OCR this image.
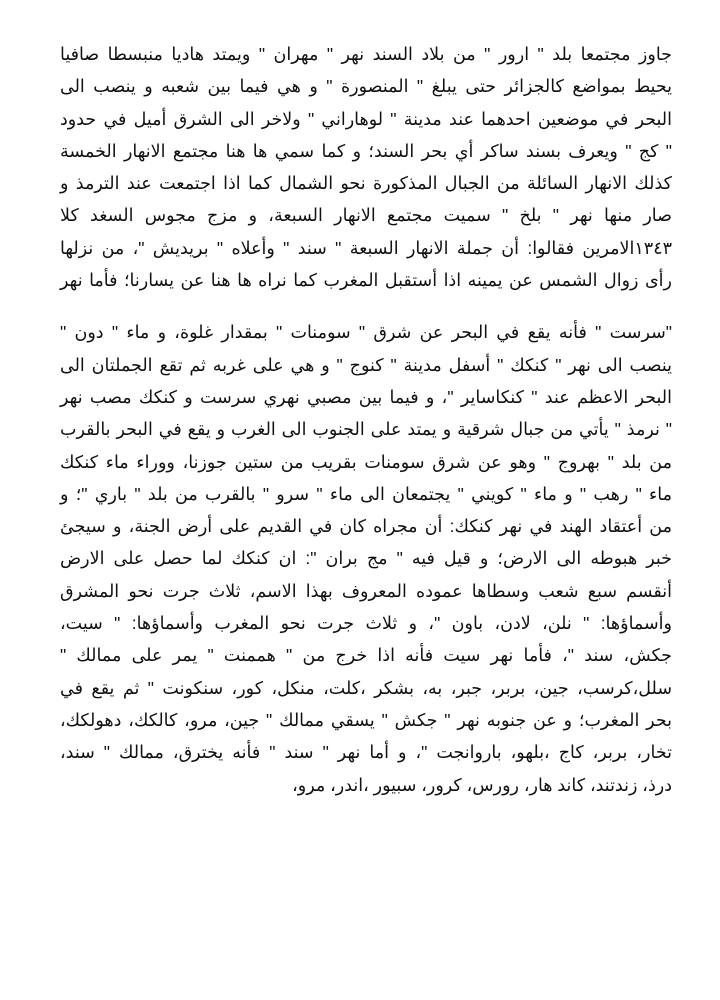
جاوز مجتمعا بلد " ارور " من بلاد السند نهر " مهران " ويمتد هاديا منبسطا صافيا
يحيط بمواضع كالجزائر حتى يبلغ " المنصورة " و هي فيما بين شعبه و ينصب الى
البحر في موضعين احدهما عند مدينة " لوهاراني " ولاخر الى الشرق أميل في حدود
" كج " ويعرف بسند ساكر أي بحر السند؛ و كما سمي ها هنا مجتمع الانهار الخمسة
كذلك الانهار السائلة من الجبال المذكورة نحو الشمال كما اذا اجتمعت عند الترمذ و
صار منها نهر " بلخ " سميت مجتمع الانهار السبعة، و مزج مجوس السغد كلا
١٣٤٣الامرين فقالوا: أن جملة الانهار السبعة " سند " وأعلاه " بريديش "، من نزلها
رأى زوال الشمس عن يمينه اذا أستقبل المغرب كما نراه ها هنا عن يسارنا؛ فأما نهر
"سرست " فأنه يقع في البحر عن شرق " سومنات " بمقدار غلوة، و ماء " دون "
ينصب الى نهر " كنكك " أسفل مدينة " كنوج " و هي على غربه ثم تقع الجملتان الى
البحر الاعظم عند " كنكاساير "، و فيما بين مصبي نهري سرست و كنكك مصب نهر
" نرمذ " يأتي من جبال شرقية و يمتد على الجنوب الى الغرب و يقع في البحر بالقرب
من بلد " بهروج " وهو عن شرق سومنات بقريب من ستين جوزنا، ووراء ماء كنكك
ماء " رهب " و ماء " كويني " يجتمعان الى ماء " سرو " بالقرب من بلد " باري "؛ و
من أعتقاد الهند في نهر كنكك: أن مجراه كان في القديم على أرض الجنة، و سيجئ
خبر هبوطه الى الارض؛ و قيل فيه " مج بران ": ان كنكك لما حصل على الارض
أنقسم سبع شعب وسطاها عموده المعروف بهذا الاسم، ثلاث جرت نحو المشرق
وأسماؤها: " نلن، لادن، باون "، و ثلاث جرت نحو المغرب وأسماؤها: " سيت،
جكش، سند "، فأما نهر سيت فأنه اذا خرج من " هممنت " يمر على ممالك "
سلل،كرسب، جين، بربر، جبر، به، بشكر ،كلت، منكل، كور، سنكونت " ثم يقع في
بحر المغرب؛ و عن جنوبه نهر " جكش " يسقي ممالك " جين، مرو، كالكك، دهولكك،
تخار، بربر، كاج ،بلهو، باروانجت "، و أما نهر " سند " فأنه يخترق، ممالك " سند،
درذ، زندتند، كاند هار، رورس، كرور، سبيور ،اندر، مرو،
